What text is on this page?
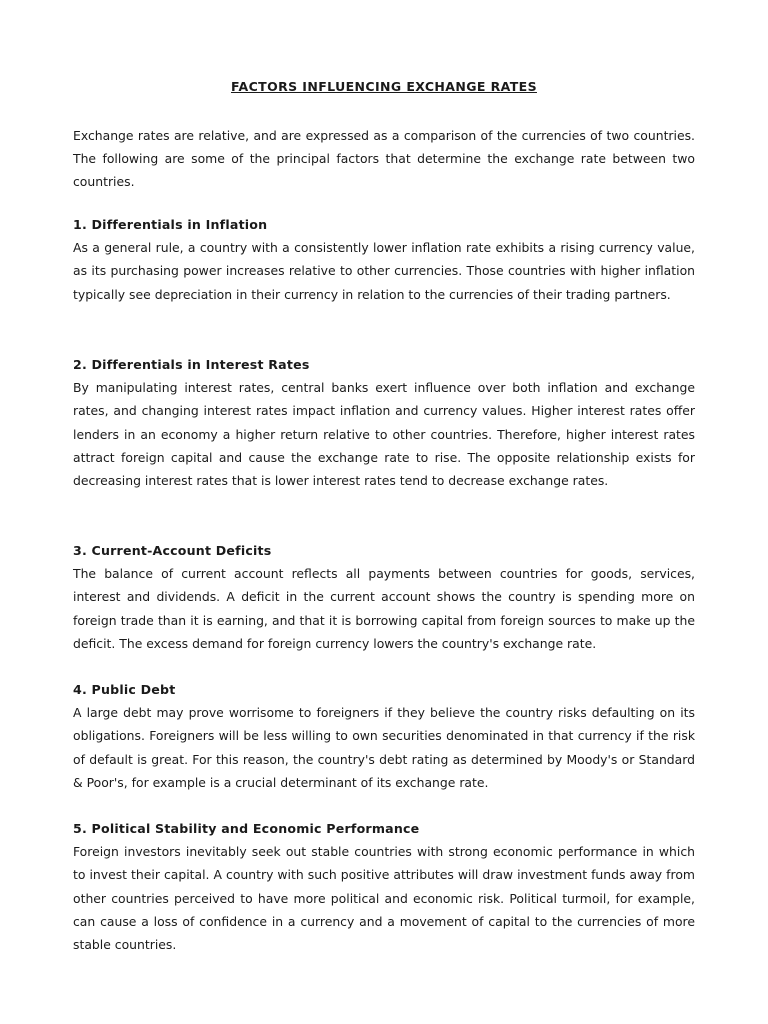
FACTORS INFLUENCING EXCHANGE RATES

Exchange rates are relative, and are expressed as a comparison of the currencies of two countries. The following are some of the principal factors that determine the exchange rate between two countries.

1. Differentials in Inflation

As a general rule, a country with a consistently lower inflation rate exhibits a rising currency value, as its purchasing power increases relative to other currencies. Those countries with higher inflation typically see depreciation in their currency in relation to the currencies of their trading partners.

2. Differentials in Interest Rates

By manipulating interest rates, central banks exert influence over both inflation and exchange rates, and changing interest rates impact inflation and currency values. Higher interest rates offer lenders in an economy a higher return relative to other countries. Therefore, higher interest rates attract foreign capital and cause the exchange rate to rise. The opposite relationship exists for decreasing interest rates that is lower interest rates tend to decrease exchange rates.

3. Current-Account Deficits

The balance of current account reflects all payments between countries for goods, services, interest and dividends. A deficit in the current account shows the country is spending more on foreign trade than it is earning, and that it is borrowing capital from foreign sources to make up the deficit. The excess demand for foreign currency lowers the country's exchange rate.

4. Public Debt

A large debt may prove worrisome to foreigners if they believe the country risks defaulting on its obligations. Foreigners will be less willing to own securities denominated in that currency if the risk of default is great. For this reason, the country's debt rating as determined by Moody's or Standard & Poor's, for example is a crucial determinant of its exchange rate.

5. Political Stability and Economic Performance

Foreign investors inevitably seek out stable countries with strong economic performance in which to invest their capital. A country with such positive attributes will draw investment funds away from other countries perceived to have more political and economic risk. Political turmoil, for example, can cause a loss of confidence in a currency and a movement of capital to the currencies of more stable countries.
